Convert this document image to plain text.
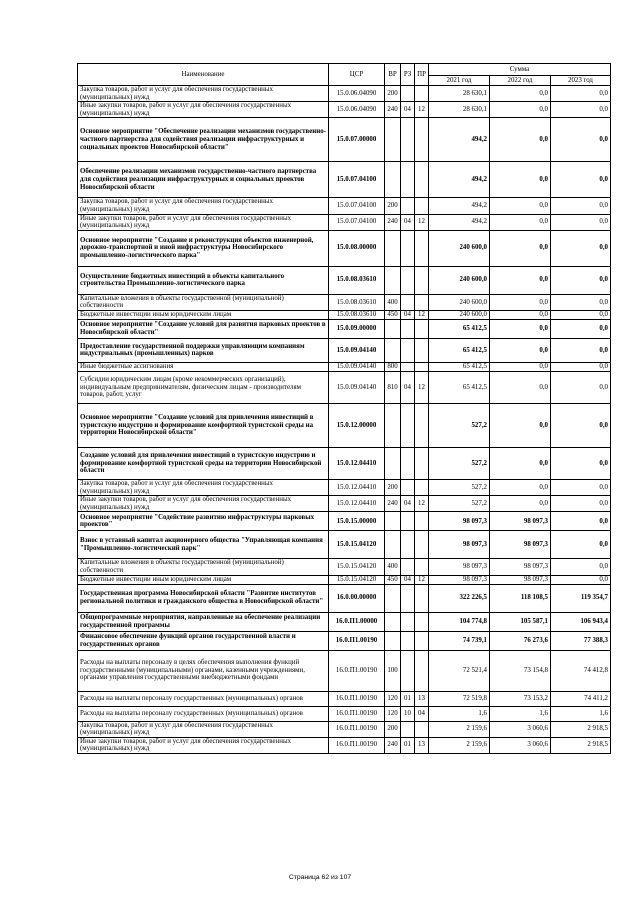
Наименование	ЦСР	ВР	РЗ	ПР	Сумма		
					2021 год	2022 год	2023 год
Закупка товаров, работ и услуг для обеспечения государственных (муниципальных) нужд	15.0.06.04090	200			28 630,1	0,0	0,0
Иные закупки товаров, работ и услуг для обеспечения государственных (муниципальных) нужд	15.0.06.04090	240	04	12	28 630,1	0,0	0,0
Основное мероприятие "Обеспечение реализации механизмов государственно-частного партнерства для содействия реализации инфраструктурных и социальных проектов Новосибирской области"	15.0.07.00000				494,2	0,0	0,0
Обеспечение реализации механизмов государственно-частного партнерства для содействия реализации инфраструктурных и социальных проектов Новосибирской области	15.0.07.04100				494,2	0,0	0,0
Закупка товаров, работ и услуг для обеспечения государственных (муниципальных) нужд	15.0.07.04100	200			494,2	0,0	0,0
Иные закупки товаров, работ и услуг для обеспечения государственных (муниципальных) нужд	15.0.07.04100	240	04	12	494,2	0,0	0,0
Основное мероприятие "Создание и реконструкция объектов инженерной, дорожно-транспортной и иной инфраструктуры Новосибирского промышленно-логистического парка"	15.0.08.00000				240 600,0	0,0	0,0
Осуществление бюджетных инвестиций в объекты капитального строительства Промышленно-логистического парка	15.0.08.03610				240 600,0	0,0	0,0
Капитальные вложения в объекты государственной (муниципальной) собственности	15.0.08.03610	400			240 600,0	0,0	0,0
Бюджетные инвестиции иным юридическим лицам	15.0.08.03610	450	04	12	240 600,0	0,0	0,0
Основное мероприятие "Создание условий для развития парковых проектов в Новосибирской области"	15.0.09.00000				65 412,5	0,0	0,0
Предоставление государственной поддержки управляющим компаниям индустриальных (промышленных) парков	15.0.09.04140				65 412,5	0,0	0,0
Иные бюджетные ассигнования	15.0.09.04140	800			65 412,5	0,0	0,0
Субсидии юридическим лицам (кроме некоммерческих организаций), индивидуальным предпринимателям, физическим лицам - производителям товаров, работ, услуг	15.0.09.04140	810	04	12	65 412,5	0,0	0,0
Основное мероприятие "Создание условий для привлечения инвестиций в туристскую индустрию и формирование комфортной туристской среды на территории Новосибирской области"	15.0.12.00000				527,2	0,0	0,0
Создание условий для привлечения инвестиций в туристскую индустрию и формирование комфортной туристской среды на территории Новосибирской области	15.0.12.04410				527,2	0,0	0,0
Закупка товаров, работ и услуг для обеспечения государственных (муниципальных) нужд	15.0.12.04410	200			527,2	0,0	0,0
Иные закупки товаров, работ и услуг для обеспечения государственных (муниципальных) нужд	15.0.12.04410	240	04	12	527,2	0,0	0,0
Основное мероприятие "Содействие развитию инфраструктуры парковых проектов"	15.0.15.00000				98 097,3	98 097,3	0,0
Взнос в уставный капитал акционерного общества "Управляющая компания "Промышленно-логистический парк"	15.0.15.04120				98 097,3	98 097,3	0,0
Капитальные вложения в объекты государственной (муниципальной) собственности	15.0.15.04120	400			98 097,3	98 097,3	0,0
Бюджетные инвестиции иным юридическим лицам	15.0.15.04120	450	04	12	98 097,3	98 097,3	0,0
Государственная программа Новосибирской области "Развитие институтов региональной политики и гражданского общества в Новосибирской области"	16.0.00.00000				322 226,5	118 108,5	119 354,7
Общепрограммные мероприятия, направленные на обеспечение реализации государственной программы	16.0.П1.00000				104 774,8	105 587,1	106 943,4
Финансовое обеспечение функций органов государственной власти и государственных органов	16.0.П1.00190				74 739,1	76 273,6	77 388,3
Расходы на выплаты персоналу в целях обеспечения выполнения функций государственными (муниципальными) органами, казенными учреждениями, органами управления государственными внебюджетными фондами	16.0.П1.00190	100			72 521,4	73 154,8	74 412,8
Расходы на выплаты персоналу государственных (муниципальных) органов	16.0.П1.00190	120	01	13	72 519,8	73 153,2	74 411,2
Расходы на выплаты персоналу государственных (муниципальных) органов	16.0.П1.00190	120	10	04	1,6	1,6	1,6
Закупка товаров, работ и услуг для обеспечения государственных (муниципальных) нужд	16.0.П1.00190	200			2 159,6	3 060,6	2 918,5
Иные закупки товаров, работ и услуг для обеспечения государственных (муниципальных) нужд	16.0.П1.00190	240	01	13	2 159,6	3 060,6	2 918,5
Страница 62 из 107
